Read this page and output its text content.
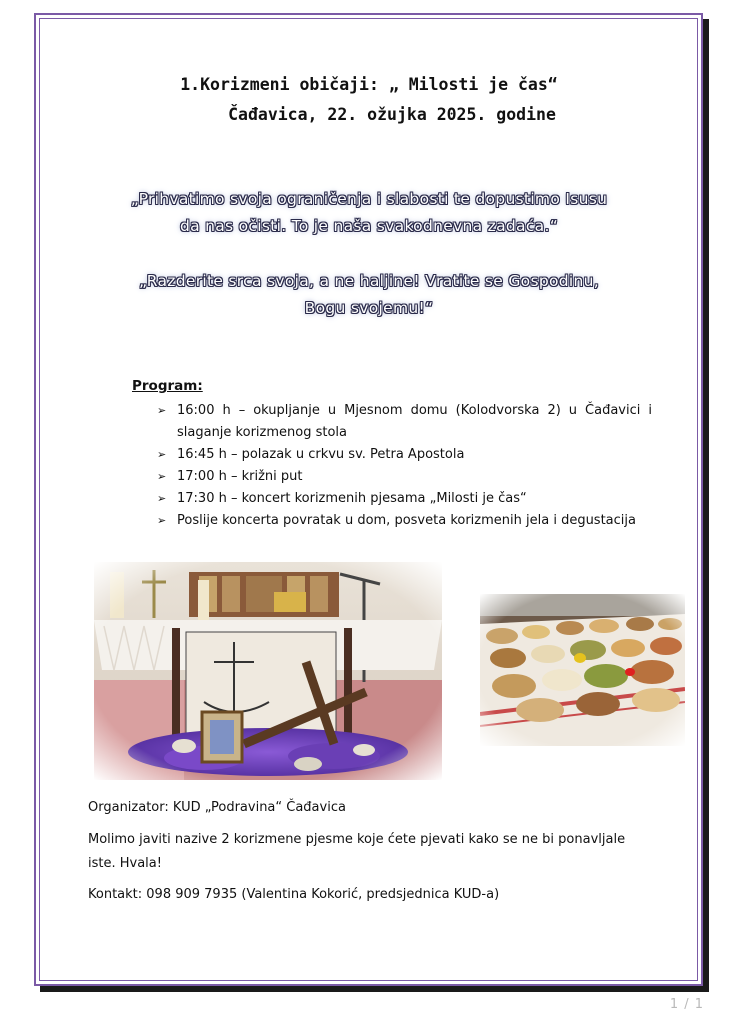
1.Korizmeni običaji: „ Milosti je čas“
Čađavica, 22. ožujka 2025. godine
„Prihvatimo svoja ograničenja i slabosti te dopustimo Isusu
da nas očisti. To je naša svakodnevna zadaća.“
„Razderite srca svoja, a ne haljine! Vratite se Gospodinu,
Bogu svojemu!“
Program:
➢ 16:00 h – okupljanje u Mjesnom domu (Kolodvorska 2) u Čađavici i slaganje korizmenog stola
➢ 16:45 h – polazak u crkvu sv. Petra Apostola
➢ 17:00 h – križni put
➢ 17:30 h – koncert korizmenih pjesama „Milosti je čas“
➢ Poslije koncerta povratak u dom, posveta korizmenih jela i degustacija
Organizator: KUD „Podravina“ Čađavica
Molimo javiti nazive 2 korizmene pjesme koje ćete pjevati kako se ne bi ponavljale iste. Hvala!
Kontakt: 098 909 7935 (Valentina Kokorić, predsjednica KUD-a)
1 / 1
